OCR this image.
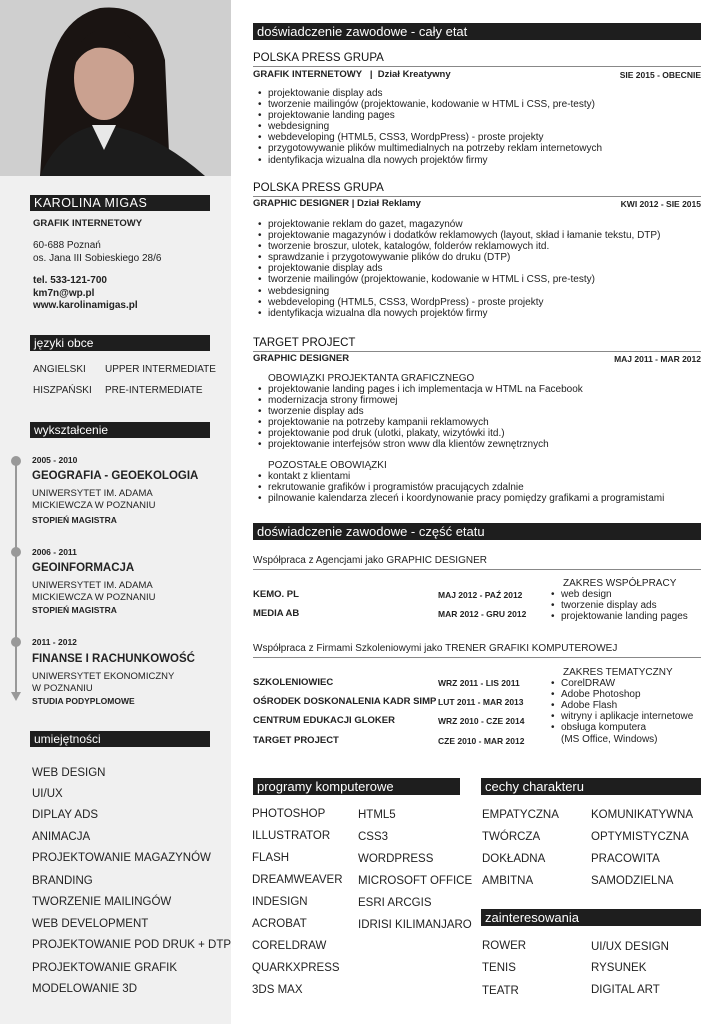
KAROLINA MIGAS
GRAFIK INTERNETOWY
60-688 Poznań
os. Jana III Sobieskiego 28/6
tel. 533-121-700
km7n@wp.pl
www.karolinamigas.pl
języki obce
ANGIELSKI UPPER INTERMEDIATE
HISZPAŃSKI PRE-INTERMEDIATE
wykształcenie
2005 - 2010
GEOGRAFIA - GEOEKOLOGIA
UNIWERSYTET IM. ADAMA
MICKIEWCZA W POZNANIU
STOPIEŃ MAGISTRA
2006 - 2011
GEOINFORMACJA
UNIWERSYTET IM. ADAMA
MICKIEWCZA W POZNANIU
STOPIEŃ MAGISTRA
2011 - 2012
FINANSE I RACHUNKOWOŚĆ
UNIWERSYTET EKONOMICZNY
W POZNANIU
STUDIA PODYPLOMOWE
umiejętności
WEB DESIGN
UI/UX
DIPLAY ADS
ANIMACJA
PROJEKTOWANIE MAGAZYNÓW
BRANDING
TWORZENIE MAILINGÓW
WEB DEVELOPMENT
PROJEKTOWANIE POD DRUK + DTP
PROJEKTOWANIE GRAFIK
MODELOWANIE 3D
doświadczenie zawodowe - cały etat
POLSKA PRESS GRUPA
GRAFIK INTERNETOWY   |  Dział Kreatywny	SIE 2015 - OBECNIE
• projektowanie display ads
• tworzenie mailingów (projektowanie, kodowanie w HTML i CSS, pre-testy)
• projektowanie landing pages
• webdesigning
• webdeveloping (HTML5, CSS3, WordpPress) - proste projekty
• przygotowywanie plików multimedialnych na potrzeby reklam internetowych
• identyfikacja wizualna dla nowych projektów firmy
POLSKA PRESS GRUPA
GRAPHIC DESIGNER | Dział Reklamy	KWI 2012 - SIE 2015
• projektowanie reklam do gazet, magazynów
• projektowanie magazynów i dodatków reklamowych (layout, skład i łamanie tekstu, DTP)
• tworzenie broszur, ulotek, katalogów, folderów reklamowych itd.
• sprawdzanie i przygotowywanie plików do druku (DTP)
• projektowanie display ads
• tworzenie mailingów (projektowanie, kodowanie w HTML i CSS, pre-testy)
• webdesigning
• webdeveloping (HTML5, CSS3, WordpPress) - proste projekty
• identyfikacja wizualna dla nowych projektów firmy
TARGET PROJECT
GRAPHIC DESIGNER	MAJ 2011 - MAR 2012
OBOWIĄZKI PROJEKTANTA GRAFICZNEGO
• projektowanie landing pages i ich implementacja w HTML na Facebook
• modernizacja strony firmowej
• tworzenie display ads
• projektowanie na potrzeby kampanii reklamowych
• projektowanie pod druk (ulotki, plakaty, wizytówki itd.)
• projektowanie interfejsów stron www dla klientów zewnętrznych
POZOSTAŁE OBOWIĄZKI
• kontakt z klientami
• rekrutowanie grafików i programistów pracujących zdalnie
• pilnowanie kalendarza zleceń i koordynowanie pracy pomiędzy grafikami a programistami
doświadczenie zawodowe - część etatu
Współpraca z Agencjami jako GRAPHIC DESIGNER
KEMO. PL	MAJ 2012 - PAŹ 2012
MEDIA AB	MAR 2012 - GRU 2012
ZAKRES WSPÓŁPRACY
• web design
• tworzenie display ads
• projektowanie landing pages
Współpraca z Firmami Szkoleniowymi jako TRENER GRAFIKI KOMPUTEROWEJ
SZKOLENIOWIEC	WRZ 2011 - LIS 2011
OŚRODEK DOSKONALENIA KADR SIMP LUT 2011 - MAR 2013
CENTRUM EDUKACJI GLOKER	WRZ 2010 - CZE 2014
TARGET PROJECT	CZE 2010 - MAR 2012
ZAKRES TEMATYCZNY
• CorelDRAW
• Adobe Photoshop
• Adobe Flash
• witryny i aplikacje internetowe
• obsługa komputera
(MS Office, Windows)
programy komputerowe
PHOTOSHOP
ILLUSTRATOR
FLASH
DREAMWEAVER
INDESIGN
ACROBAT
CORELDRAW
QUARKXPRESS
3DS MAX
HTML5
CSS3
WORDPRESS
MICROSOFT OFFICE
ESRI ARCGIS
IDRISI KILIMANJARO
cechy charakteru
EMPATYCZNA
TWÓRCZA
DOKŁADNA
AMBITNA
KOMUNIKATYWNA
OPTYMISTYCZNA
PRACOWITA
SAMODZIELNA
zainteresowania
ROWER
TENIS
TEATR
UI/UX DESIGN
RYSUNEK
DIGITAL ART
